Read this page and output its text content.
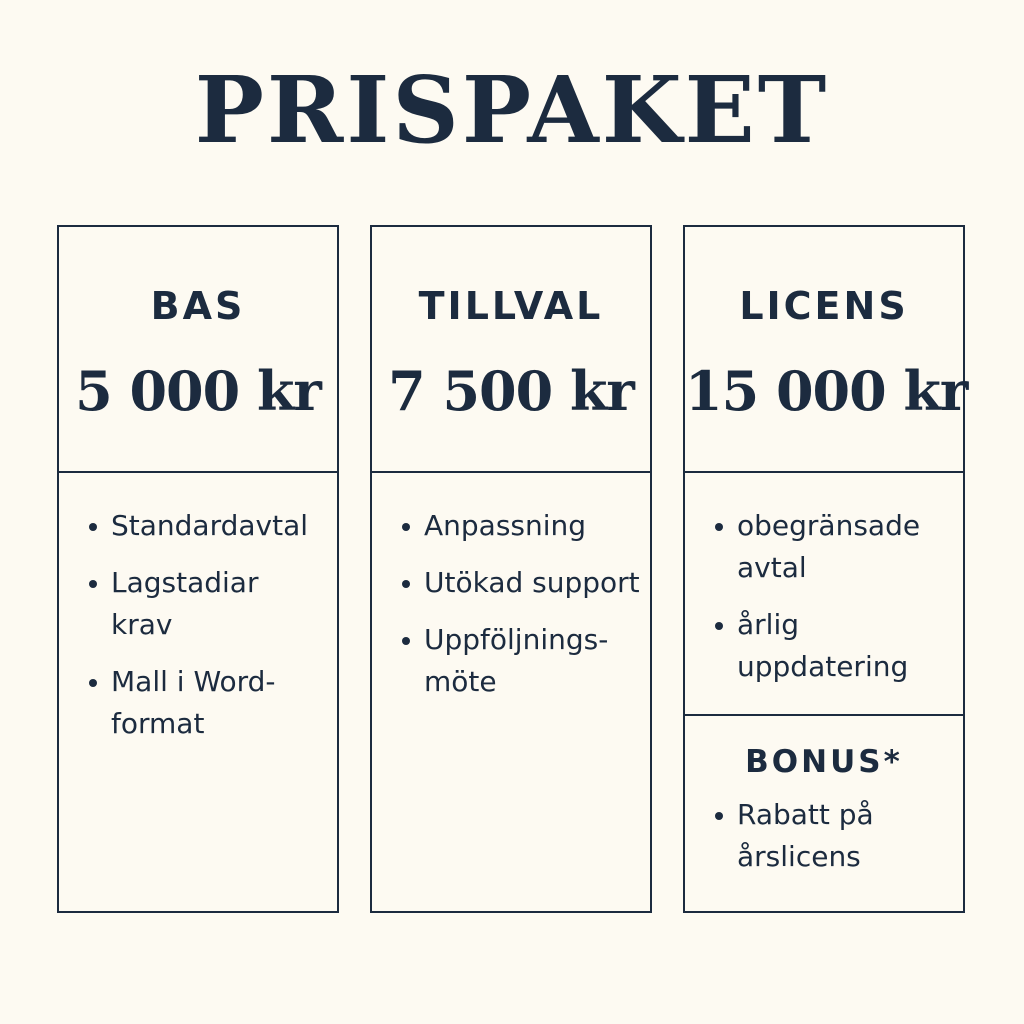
PRISPAKET
BAS
5 000 kr
Standardavtal
Lagstadiar
krav
Mall i Word-
format
TILLVAL
7 500 kr
Anpassning
Utökad support
Uppföljnings-
möte
LICENS
15 000 kr
obegränsade
avtal
årlig
uppdatering
BONUS*
Rabatt på
årslicens
